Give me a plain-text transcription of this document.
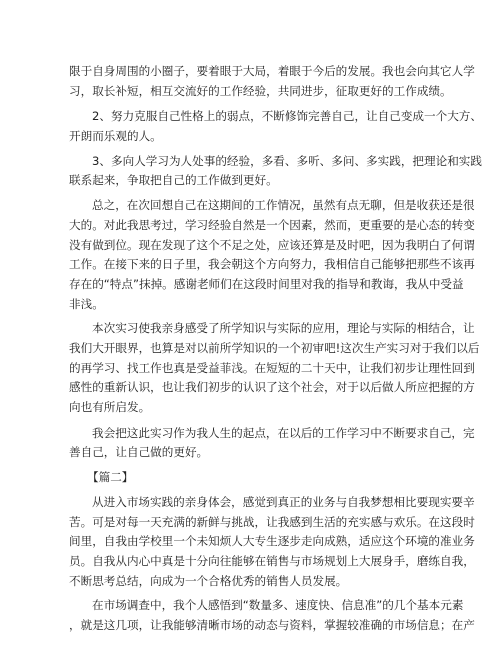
限于自身周围的小圈子，要着眼于大局，着眼于今后的发展。我也会向其它人学
习，取长补短，相互交流好的工作经验，共同进步，征取更好的工作成绩。
2、努力克服自己性格上的弱点，不断修饰完善自己，让自己变成一个大方、
开朗而乐观的人。
3、多向人学习为人处事的经验，多看、多听、多问、多实践，把理论和实践
联系起来，争取把自己的工作做到更好。
总之，在次回想自己在这期间的工作情况，虽然有点无聊，但是收获还是很
大的。对此我思考过，学习经验自然是一个因素，然而，更重要的是心态的转变
没有做到位。现在发现了这个不足之处，应该还算是及时吧，因为我明白了何谓
工作。在接下来的日子里，我会朝这个方向努力，我相信自己能够把那些不该再
存在的“特点”抹掉。感谢老师们在这段时间里对我的指导和教诲，我从中受益
非浅。
本次实习使我亲身感受了所学知识与实际的应用，理论与实际的相结合，让
我们大开眼界，也算是对以前所学知识的一个初审吧!这次生产实习对于我们以后
的再学习、找工作也真是受益菲浅。在短短的二十天中，让我们初步让理性回到
感性的重新认识，也让我们初步的认识了这个社会，对于以后做人所应把握的方
向也有所启发。
我会把这此实习作为我人生的起点，在以后的工作学习中不断要求自己，完
善自己，让自己做的更好。
【篇二】
从进入市场实践的亲身体会，感觉到真正的业务与自我梦想相比要现实要辛
苦。可是对每一天充满的新鲜与挑战，让我感到生活的充实感与欢乐。在这段时
间里，自我由学校里一个未知烦人大专生逐步走向成熟，适应这个环境的准业务
员。自我从内心中真是十分向往能够在销售与市场规划上大展身手，磨练自我，
不断思考总结，向成为一个合格优秀的销售人员发展。
在市场调查中，我个人感悟到“数量多、速度快、信息准”的几个基本元素
，就是这几项，让我能够清晰市场的动态与资料，掌握较准确的市场信息；在产
